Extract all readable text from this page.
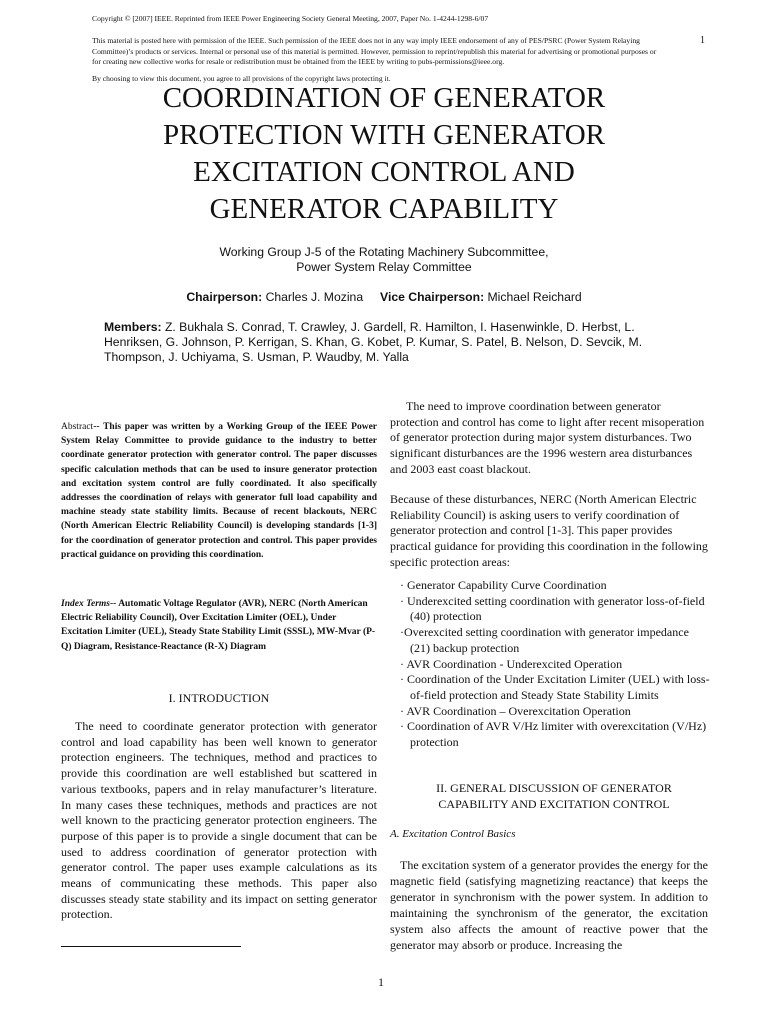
Copyright © [2007] IEEE. Reprinted from IEEE Power Engineering Society General Meeting, 2007, Paper No. 1-4244-1298-6/07
This material is posted here with permission of the IEEE. Such permission of the IEEE does not in any way imply IEEE endorsement of any of PES/PSRC (Power System Relaying Committee)’s products or services. Internal or personal use of this material is permitted. However, permission to reprint/republish this material for advertising or promotional purposes or for creating new collective works for resale or redistribution must be obtained from the IEEE by writing to pubs-permissions@ieee.org.
1
By choosing to view this document, you agree to all provisions of the copyright laws protecting it.
COORDINATION OF GENERATOR
PROTECTION WITH GENERATOR
EXCITATION CONTROL AND
GENERATOR CAPABILITY
Working Group J-5 of the Rotating Machinery Subcommittee,
Power System Relay Committee
Chairperson: Charles J. Mozina Vice Chairperson: Michael Reichard
Members: Z. Bukhala S. Conrad, T. Crawley, J. Gardell, R. Hamilton, I. Hasenwinkle, D. Herbst, L. Henriksen, G. Johnson, P. Kerrigan, S. Khan, G. Kobet, P. Kumar, S. Patel, B. Nelson, D. Sevcik, M. Thompson, J. Uchiyama, S. Usman, P. Waudby, M. Yalla
Abstract-- This paper was written by a Working Group of the IEEE Power System Relay Committee to provide guidance to the industry to better coordinate generator protection with generator control. The paper discusses specific calculation methods that can be used to insure generator protection and excitation system control are fully coordinated. It also specifically addresses the coordination of relays with generator full load capability and machine steady state stability limits. Because of recent blackouts, NERC (North American Electric Reliability Council) is developing standards [1-3] for the coordination of generator protection and control. This paper provides practical guidance on providing this coordination.
Index Terms-- Automatic Voltage Regulator (AVR), NERC (North American Electric Reliability Council), Over Excitation Limiter (OEL), Under Excitation Limiter (UEL), Steady State Stability Limit (SSSL), MW-Mvar (P-Q) Diagram, Resistance-Reactance (R-X) Diagram
I. INTRODUCTION
The need to coordinate generator protection with generator control and load capability has been well known to generator protection engineers. The techniques, method and practices to provide this coordination are well established but scattered in various textbooks, papers and in relay manufacturer’s literature. In many cases these techniques, methods and practices are not well known to the practicing generator protection engineers. The purpose of this paper is to provide a single document that can be used to address coordination of generator protection with generator control. The paper uses example calculations as its means of communicating these methods. This paper also discusses steady state stability and its impact on setting generator protection.
The need to improve coordination between generator protection and control has come to light after recent misoperation of generator protection during major system disturbances. Two significant disturbances are the 1996 western area disturbances and 2003 east coast blackout.
Because of these disturbances, NERC (North American Electric Reliability Council) is asking users to verify coordination of generator protection and control [1-3]. This paper provides practical guidance for providing this coordination in the following specific protection areas:
· Generator Capability Curve Coordination
· Underexcited setting coordination with generator loss-of-field (40) protection
·Overexcited setting coordination with generator impedance (21) backup protection
· AVR Coordination - Underexcited Operation
· Coordination of the Under Excitation Limiter (UEL) with loss-of-field protection and Steady State Stability Limits
· AVR Coordination – Overexcitation Operation
· Coordination of AVR V/Hz limiter with overexcitation (V/Hz) protection
II. GENERAL DISCUSSION OF GENERATOR
CAPABILITY AND EXCITATION CONTROL
A. Excitation Control Basics
The excitation system of a generator provides the energy for the magnetic field (satisfying magnetizing reactance) that keeps the generator in synchronism with the power system. In addition to maintaining the synchronism of the generator, the excitation system also affects the amount of reactive power that the generator may absorb or produce. Increasing the
1
